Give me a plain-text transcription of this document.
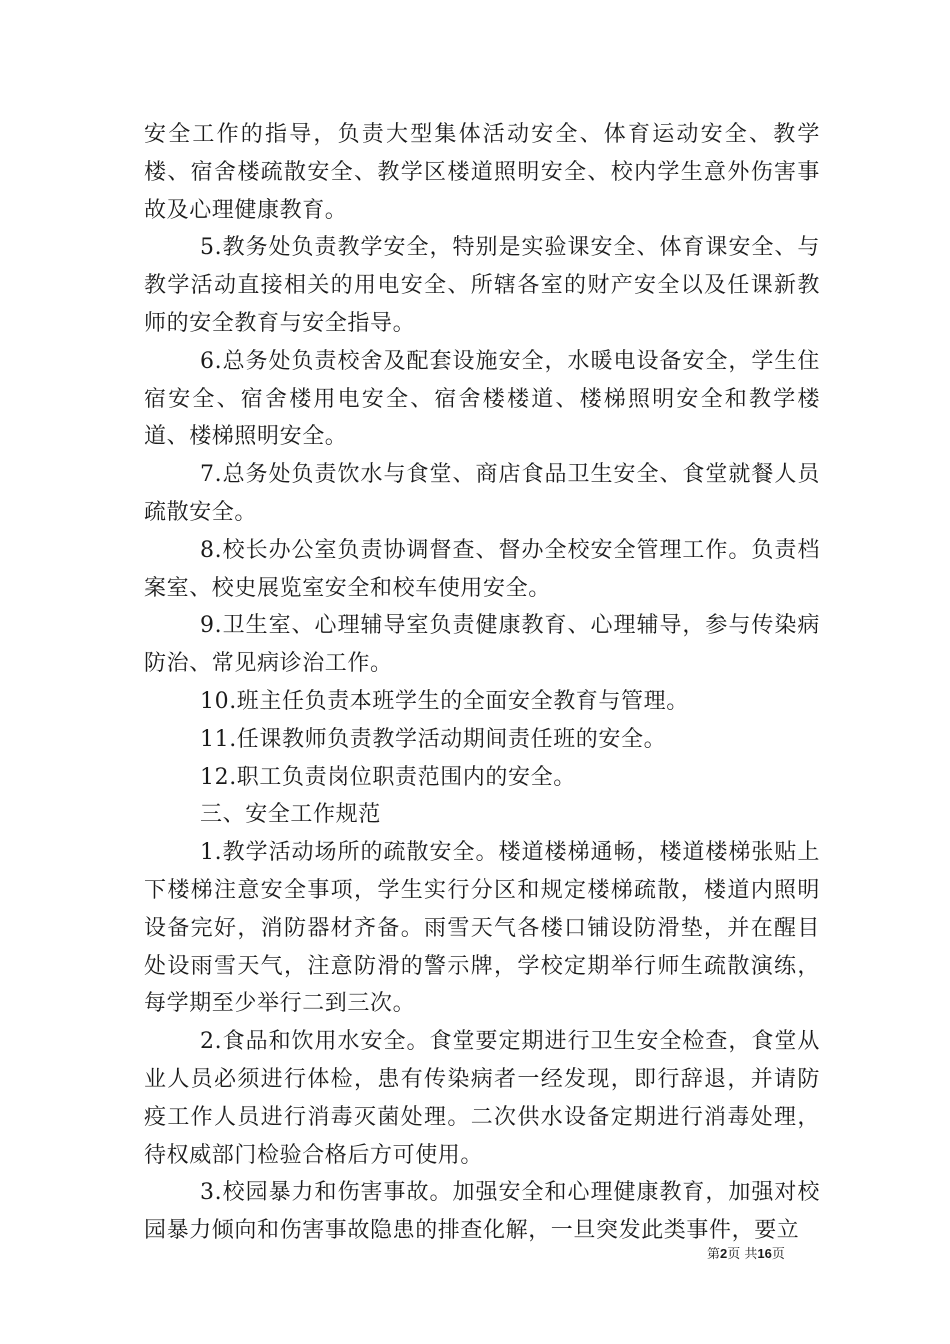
安全工作的指导，负责大型集体活动安全、体育运动安全、教学楼、宿舍楼疏散安全、教学区楼道照明安全、校内学生意外伤害事故及心理健康教育。

5.教务处负责教学安全，特别是实验课安全、体育课安全、与教学活动直接相关的用电安全、所辖各室的财产安全以及任课新教师的安全教育与安全指导。

6.总务处负责校舍及配套设施安全，水暖电设备安全，学生住宿安全、宿舍楼用电安全、宿舍楼楼道、楼梯照明安全和教学楼道、楼梯照明安全。

7.总务处负责饮水与食堂、商店食品卫生安全、食堂就餐人员疏散安全。

8.校长办公室负责协调督查、督办全校安全管理工作。负责档案室、校史展览室安全和校车使用安全。

9.卫生室、心理辅导室负责健康教育、心理辅导，参与传染病防治、常见病诊治工作。

10.班主任负责本班学生的全面安全教育与管理。

11.任课教师负责教学活动期间责任班的安全。

12.职工负责岗位职责范围内的安全。

三、安全工作规范

1.教学活动场所的疏散安全。楼道楼梯通畅，楼道楼梯张贴上下楼梯注意安全事项，学生实行分区和规定楼梯疏散，楼道内照明设备完好，消防器材齐备。雨雪天气各楼口铺设防滑垫，并在醒目处设雨雪天气，注意防滑的警示牌，学校定期举行师生疏散演练，每学期至少举行二到三次。

2.食品和饮用水安全。食堂要定期进行卫生安全检查，食堂从业人员必须进行体检，患有传染病者一经发现，即行辞退，并请防疫工作人员进行消毒灭菌处理。二次供水设备定期进行消毒处理，待权威部门检验合格后方可使用。

3.校园暴力和伤害事故。加强安全和心理健康教育，加强对校园暴力倾向和伤害事故隐患的排查化解，一旦突发此类事件，要立

第2页 共16页
